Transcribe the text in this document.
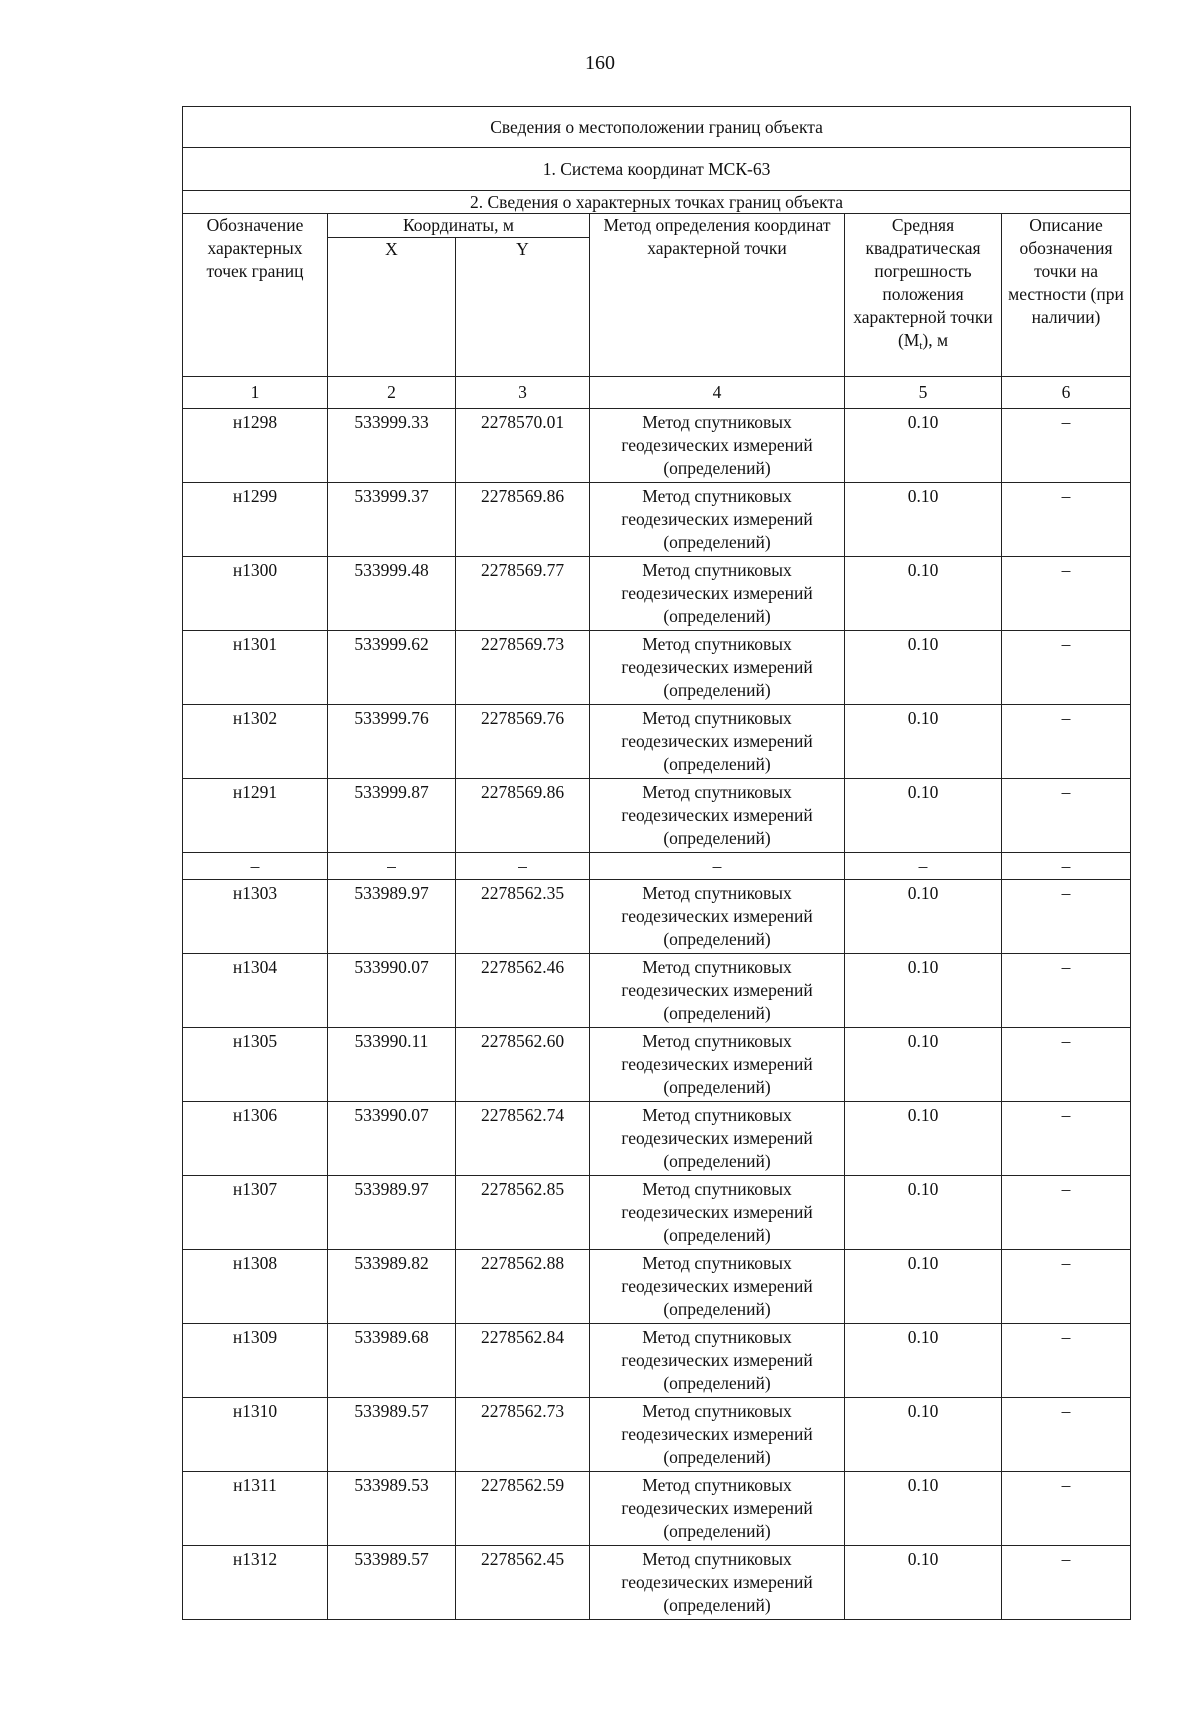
160
Сведения о местоположении границ объекта					
1. Система координат МСК-63					
2. Сведения о характерных точках границ объекта					
Обозначение характерных точек границ	Координаты, м		Метод определения координат характерной точки	Средняя квадратическая погрешность положения характерной точки $(M_t)$, м	Описание обозначения точки на местности (при наличии)
	X	Y			
1	2	3	4	5	6
н1298	533999.33	2278570.01	Метод спутниковых геодезических измерений (определений)	0.10	–
н1299	533999.37	2278569.86	Метод спутниковых геодезических измерений (определений)	0.10	–
н1300	533999.48	2278569.77	Метод спутниковых геодезических измерений (определений)	0.10	–
н1301	533999.62	2278569.73	Метод спутниковых геодезических измерений (определений)	0.10	–
н1302	533999.76	2278569.76	Метод спутниковых геодезических измерений (определений)	0.10	–
н1291	533999.87	2278569.86	Метод спутниковых геодезических измерений (определений)	0.10	–
–	–	–	–	–	–
н1303	533989.97	2278562.35	Метод спутниковых геодезических измерений (определений)	0.10	–
н1304	533990.07	2278562.46	Метод спутниковых геодезических измерений (определений)	0.10	–
н1305	533990.11	2278562.60	Метод спутниковых геодезических измерений (определений)	0.10	–
н1306	533990.07	2278562.74	Метод спутниковых геодезических измерений (определений)	0.10	–
н1307	533989.97	2278562.85	Метод спутниковых геодезических измерений (определений)	0.10	–
н1308	533989.82	2278562.88	Метод спутниковых геодезических измерений (определений)	0.10	–
н1309	533989.68	2278562.84	Метод спутниковых геодезических измерений (определений)	0.10	–
н1310	533989.57	2278562.73	Метод спутниковых геодезических измерений (определений)	0.10	–
н1311	533989.53	2278562.59	Метод спутниковых геодезических измерений (определений)	0.10	–
н1312	533989.57	2278562.45	Метод спутниковых геодезических измерений (определений)	0.10	–
